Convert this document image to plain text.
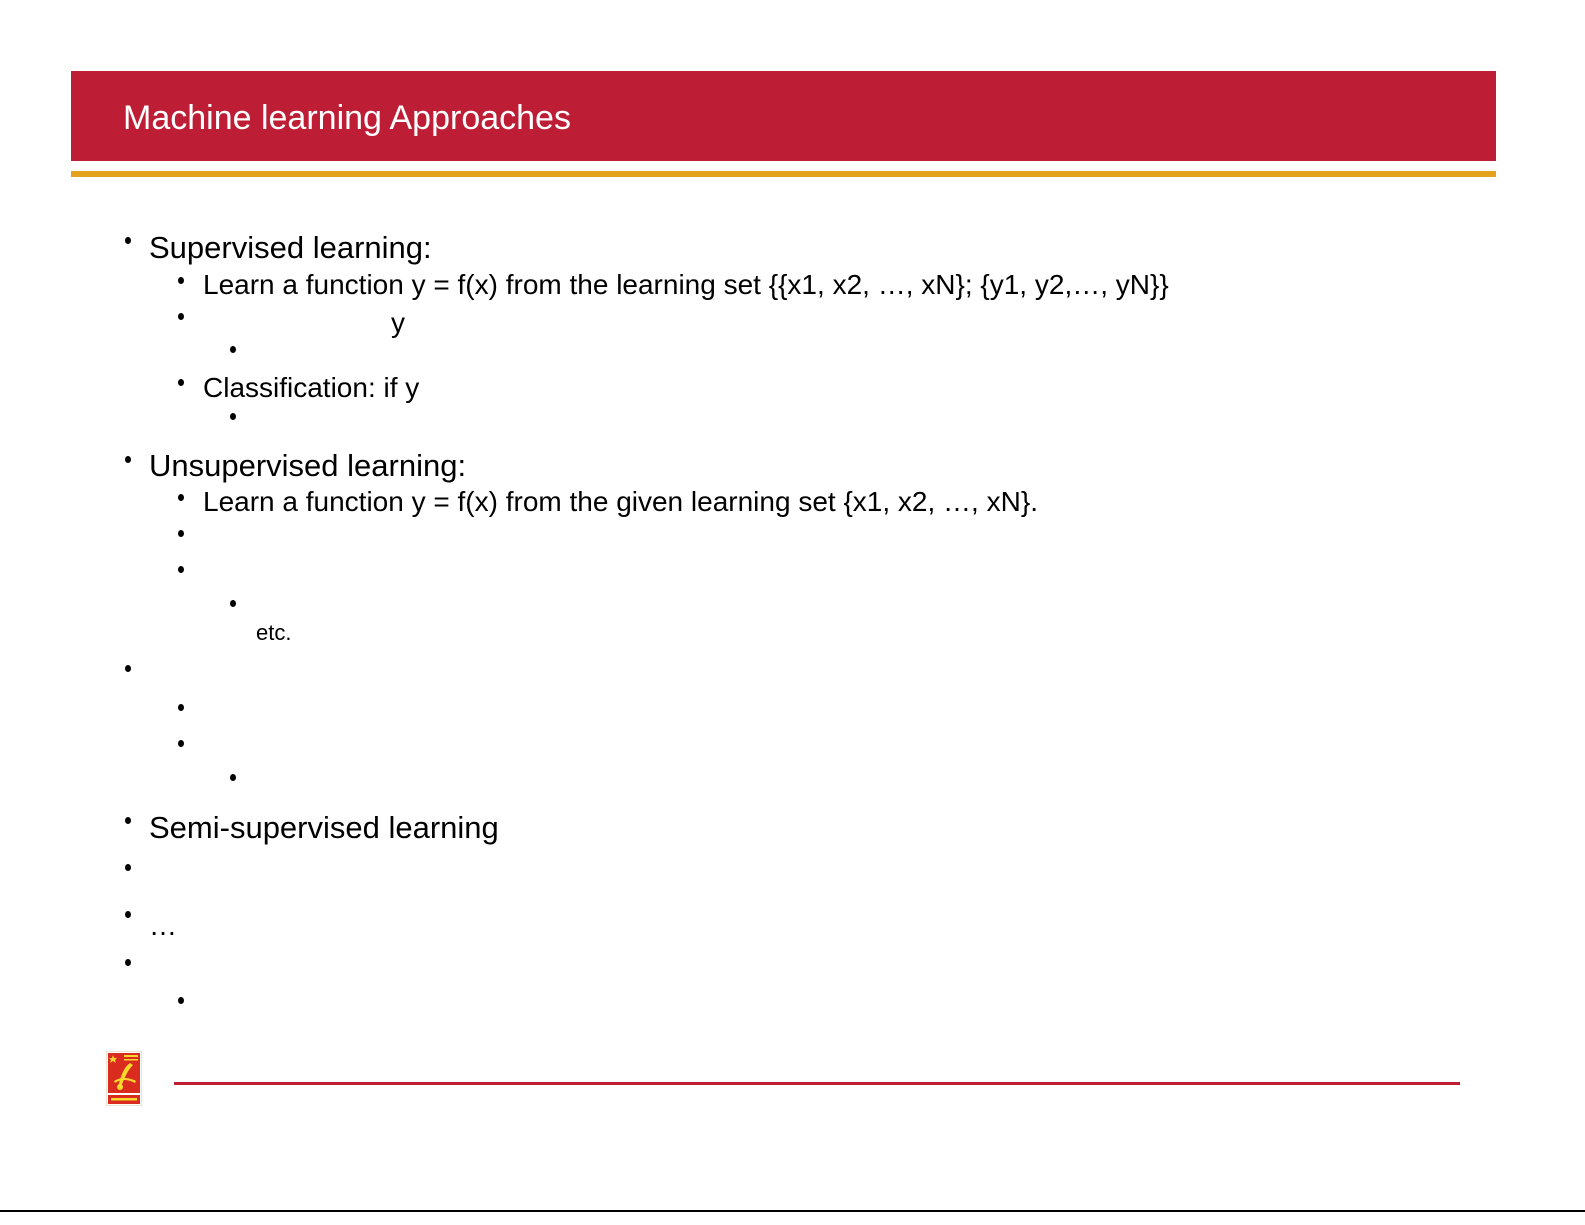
Machine learning Approaches
Supervised learning:
Learn a function y = f(x) from the learning set {{x1, x2, …, xN}; {y1, y2,…, yN}}
y
Classification: if y
Unsupervised learning:
Learn a function y = f(x) from the given learning set {x1, x2, …, xN}.
etc.
Semi-supervised learning
…
